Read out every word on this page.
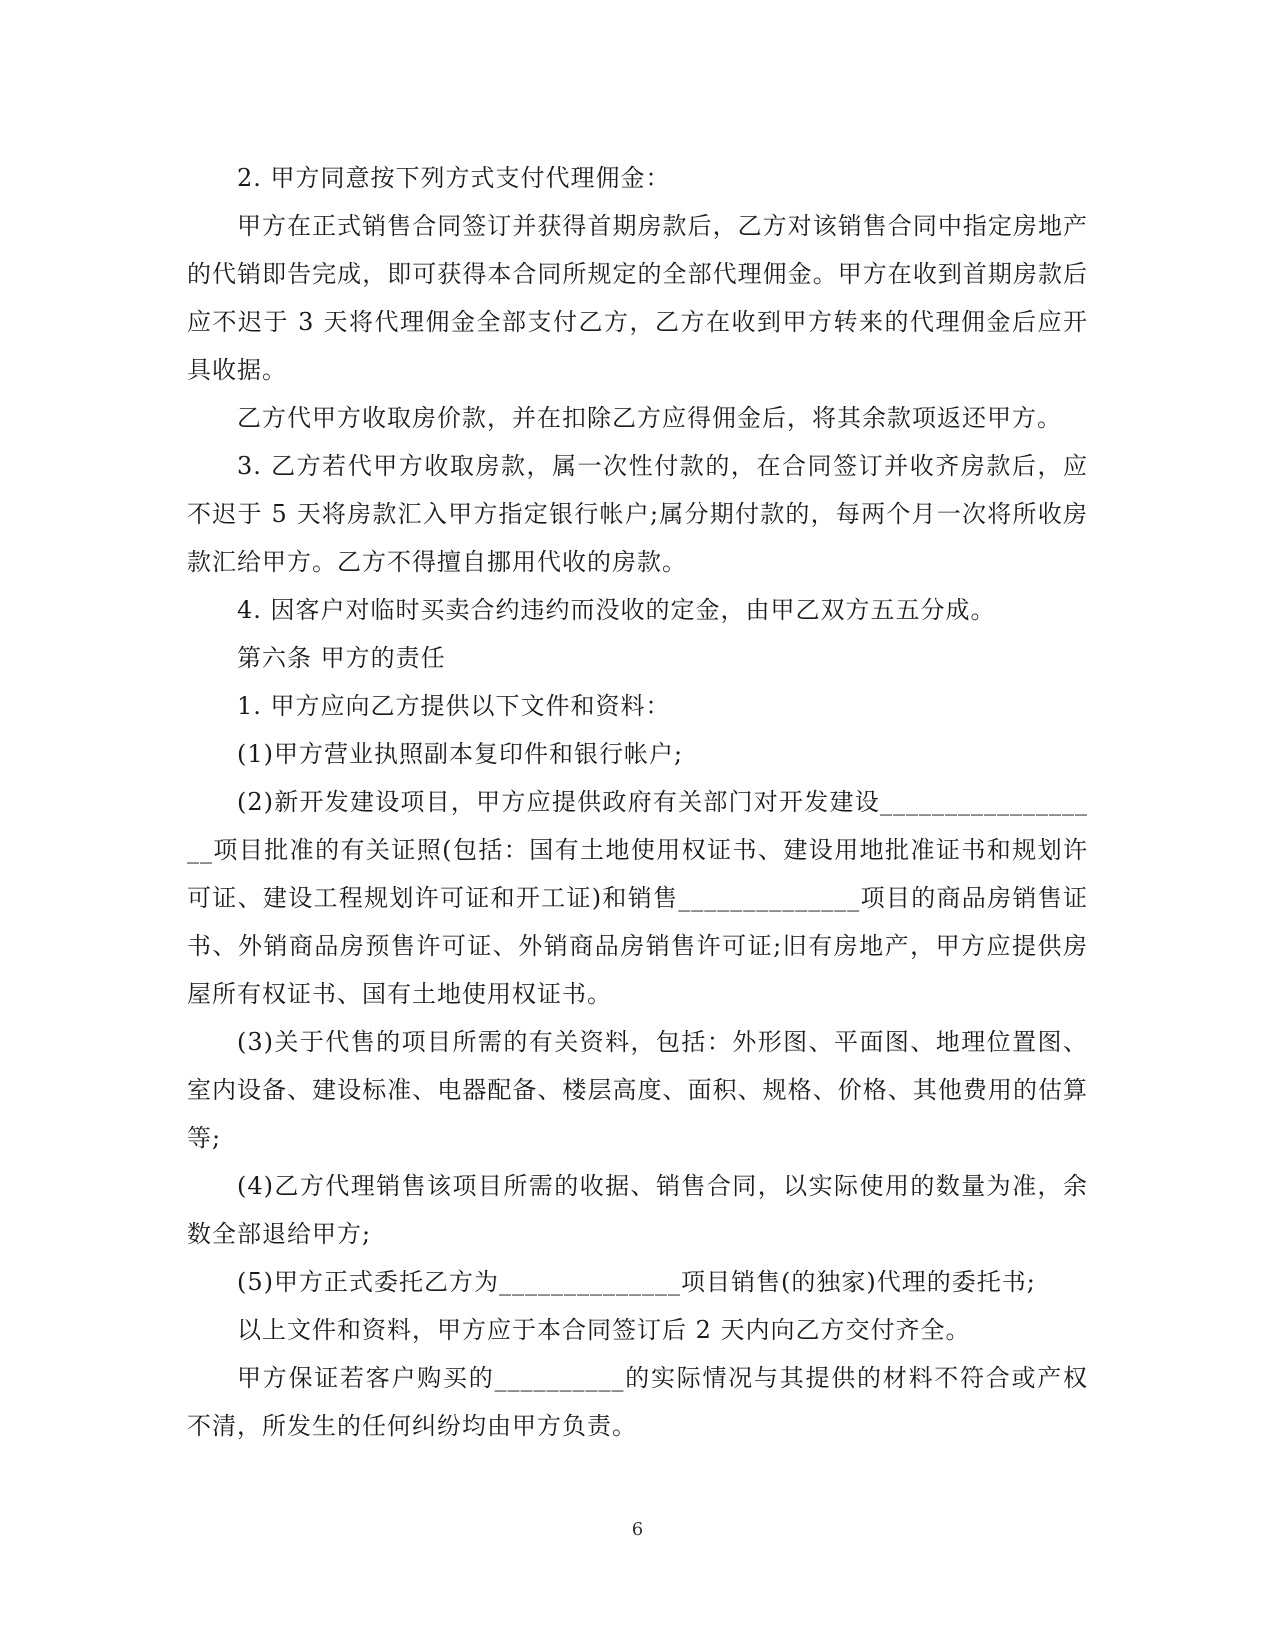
2. 甲方同意按下列方式支付代理佣金：

甲方在正式销售合同签订并获得首期房款后，乙方对该销售合同中指定房地产的代销即告完成，即可获得本合同所规定的全部代理佣金。甲方在收到首期房款后应不迟于 3 天将代理佣金全部支付乙方，乙方在收到甲方转来的代理佣金后应开具收据。

乙方代甲方收取房价款，并在扣除乙方应得佣金后，将其余款项返还甲方。

3. 乙方若代甲方收取房款，属一次性付款的，在合同签订并收齐房款后，应不迟于 5 天将房款汇入甲方指定银行帐户;属分期付款的，每两个月一次将所收房款汇给甲方。乙方不得擅自挪用代收的房款。

4. 因客户对临时买卖合约违约而没收的定金，由甲乙双方五五分成。

第六条 甲方的责任

1. 甲方应向乙方提供以下文件和资料：

(1)甲方营业执照副本复印件和银行帐户;

(2)新开发建设项目，甲方应提供政府有关部门对开发建设__________________项目批准的有关证照(包括：国有土地使用权证书、建设用地批准证书和规划许可证、建设工程规划许可证和开工证)和销售______________项目的商品房销售证书、外销商品房预售许可证、外销商品房销售许可证;旧有房地产，甲方应提供房屋所有权证书、国有土地使用权证书。

(3)关于代售的项目所需的有关资料，包括：外形图、平面图、地理位置图、室内设备、建设标准、电器配备、楼层高度、面积、规格、价格、其他费用的估算等;

(4)乙方代理销售该项目所需的收据、销售合同，以实际使用的数量为准，余数全部退给甲方;

(5)甲方正式委托乙方为______________项目销售(的独家)代理的委托书;

以上文件和资料，甲方应于本合同签订后 2 天内向乙方交付齐全。

甲方保证若客户购买的__________的实际情况与其提供的材料不符合或产权不清，所发生的任何纠纷均由甲方负责。

6
